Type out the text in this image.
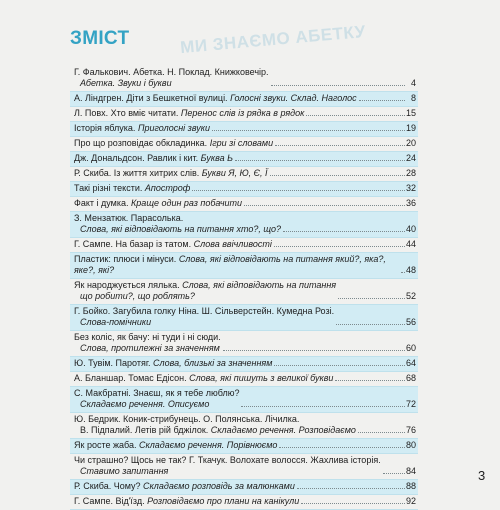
МИ ЗНАЄМО АБЕТКУ
ЗМІСТ
Г. Фалькович. Абетка. Н. Поклад. Книжковечір.
Абетка. Звуки і букви	4
А. Ліндгрен. Діти з Бешкетної вулиці. Голосні звуки. Склад. Наголос	8
Л. Повх. Хто вміє читати. Перенос слів із рядка в рядок	15
Історія яблука. Приголосні звуки	19
Про що розповідає обкладинка. Ігри зі словами	20
Дж. Дональдсон. Равлик і кит. Буква Ь	24
Р. Скиба. Із життя хитрих слів. Букви Я, Ю, Є, Ї	28
Такі різні тексти. Апостроф	32
Факт і думка. Краще один раз побачити	36
З. Мензатюк. Парасолька.
Слова, які відповідають на питання хто?, що?	40
Г. Сампе. На базар із татом. Слова ввічливості	44
Пластик: плюси і мінуси. Слова, які відповідають на питання який?, яка?, яке?, які?	48
Як народжується лялька. Слова, які відповідають на питання
що робити?, що роблять?	52
Г. Бойко. Загубила голку Ніна. Ш. Сільверстейн. Кумедна Розі.
Слова-помічники	56
Без коліс, як бачу: ні туди і ні сюди.
Слова, протилежні за значенням	60
Ю. Тувім. Паротяг. Слова, близькі за значенням	64
А. Бланшар. Томас Едісон. Слова, які пишуть з великої букви	68
С. Макбратні. Знаєш, як я тебе люблю?
Складаємо речення. Описуємо	72
Ю. Бедрик. Коник-стрибунець. О. Полянська. Лічилка.
В. Підпалий. Летів рій бджілок. Складаємо речення. Розповідаємо	76
Як росте жаба. Складаємо речення. Порівнюємо	80
Чи страшно? Щось не так? Г. Ткачук. Волохате волосся. Жахлива історія.
Ставимо запитання	84
Р. Скиба. Чому? Складаємо розповідь за малюнками	88
Г. Сампе. Від'їзд. Розповідаємо про плани на канікули	92
3
